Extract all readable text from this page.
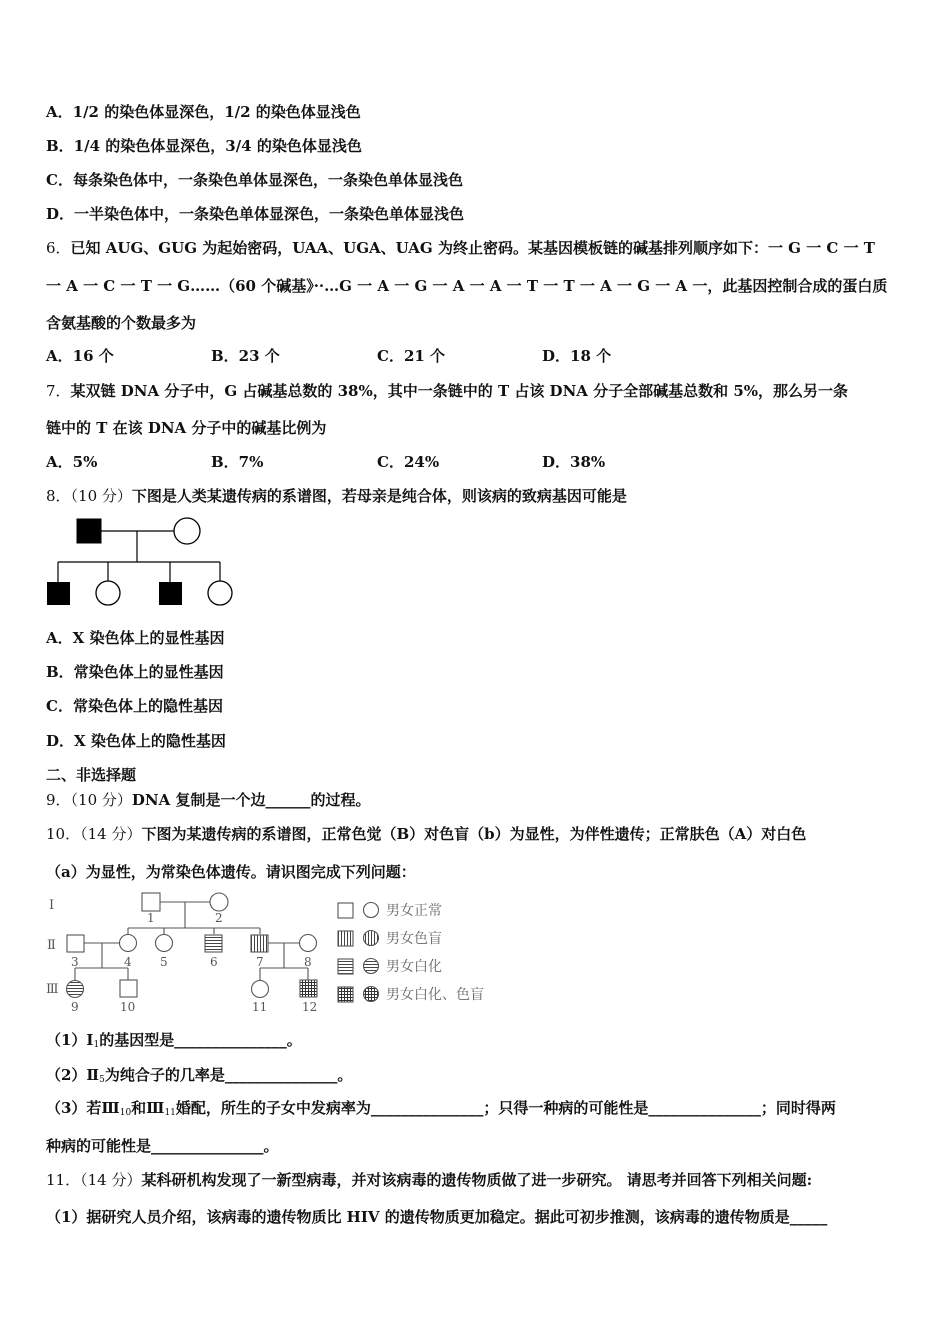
A．1/2 的染色体显深色，1/2 的染色体显浅色
B．1/4 的染色体显深色，3/4 的染色体显浅色
C．每条染色体中，一条染色单体显深色，一条染色单体显浅色
D．一半染色体中，一条染色单体显深色，一条染色单体显浅色
6．已知 AUG、GUG 为起始密码，UAA、UGA、UAG 为终止密码。某基因模板链的碱基排列顺序如下：一 G 一 C 一 T
一 A 一 C 一 T 一 G……（60 个碱基》··…G 一 A 一 G 一 A 一 A 一 T 一 T 一 A 一 G 一 A 一，此基因控制合成的蛋白质
含氨基酸的个数最多为
A．16 个	B．23 个	C．21 个	D．18 个
7．某双链 DNA 分子中，G 占碱基总数的 38%，其中一条链中的 T 占该 DNA 分子全部碱基总数和 5%，那么另一条
链中的 T 在该 DNA 分子中的碱基比例为
A．5%	B．7%	C．24%	D．38%
8．（10 分）下图是人类某遗传病的系谱图，若母亲是纯合体，则该病的致病基因可能是
A．X 染色体上的显性基因
B．常染色体上的显性基因
C．常染色体上的隐性基因
D．X 染色体上的隐性基因
二、非选择题
9．（10 分）DNA 复制是一个边______的过程。
10．（14 分）下图为某遗传病的系谱图，正常色觉（B）对色盲（b）为显性，为伴性遗传；正常肤色（A）对白色
（a）为显性，为常染色体遗传。请识图完成下列问题：
Ⅰ
Ⅱ
Ⅲ
1	2
3	4 5	6	7	8
9	10	11	12
男女正常
男女色盲
男女白化
男女白化、色盲
$(1)Ⅰ_1$的基因型是_______________。
$(2)Ⅱ_5$为纯合子的几率是_______________。
（3）若$Ⅲ_{10}$和$Ⅲ_{11}$婚配，所生的子女中发病率为_______________；只得一种病的可能性是_______________；同时得两
种病的可能性是_______________。
11．（14 分）某科研机构发现了一新型病毒，并对该病毒的遗传物质做了进一步研究。 请思考并回答下列相关问题:
（1）据研究人员介绍，该病毒的遗传物质比 HIV 的遗传物质更加稳定。据此可初步推测，该病毒的遗传物质是_____
